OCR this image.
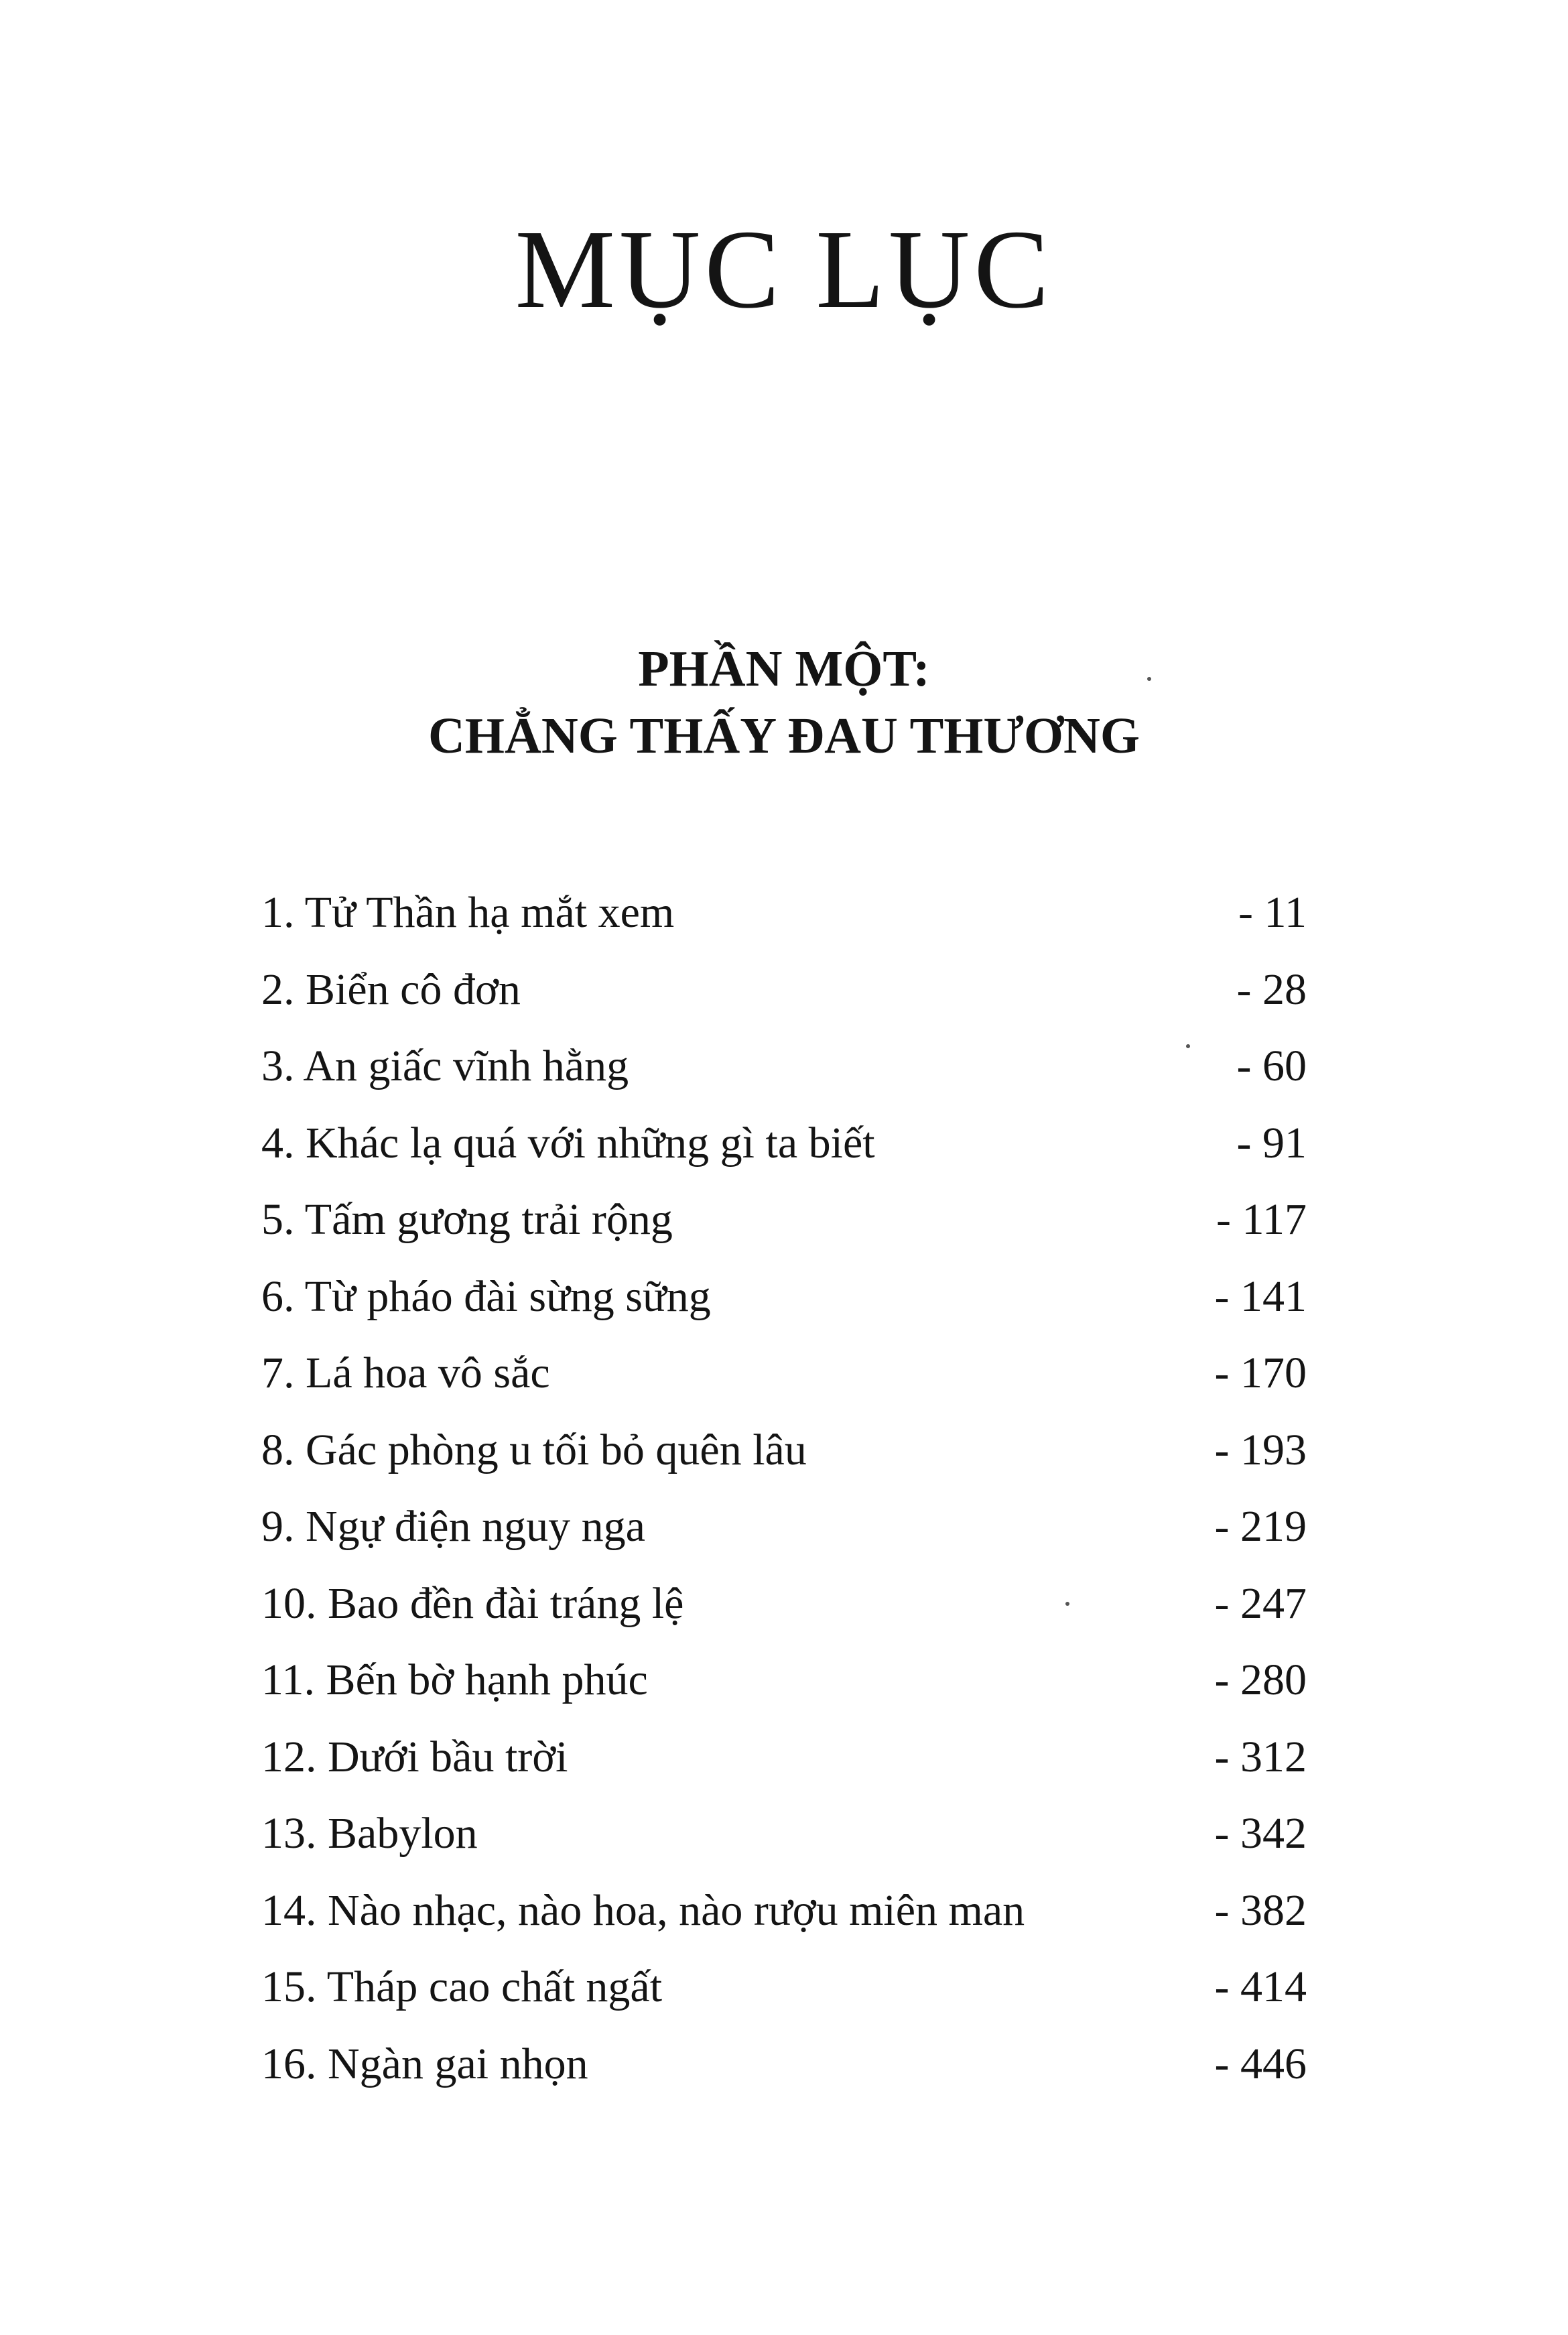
MỤC LỤC
PHẦN MỘT:
CHẲNG THẤY ĐAU THƯƠNG
1. Tử Thần hạ mắt xem	- 11
2. Biển cô đơn	- 28
3. An giấc vĩnh hằng	- 60
4. Khác lạ quá với những gì ta biết	- 91
5. Tấm gương trải rộng	- 117
6. Từ pháo đài sừng sững	- 141
7. Lá hoa vô sắc	- 170
8. Gác phòng u tối bỏ quên lâu	- 193
9. Ngự điện nguy nga	- 219
10. Bao đền đài tráng lệ	- 247
11. Bến bờ hạnh phúc	- 280
12. Dưới bầu trời	- 312
13. Babylon	- 342
14. Nào nhạc, nào hoa, nào rượu miên man	- 382
15. Tháp cao chất ngất	- 414
16. Ngàn gai nhọn	- 446
